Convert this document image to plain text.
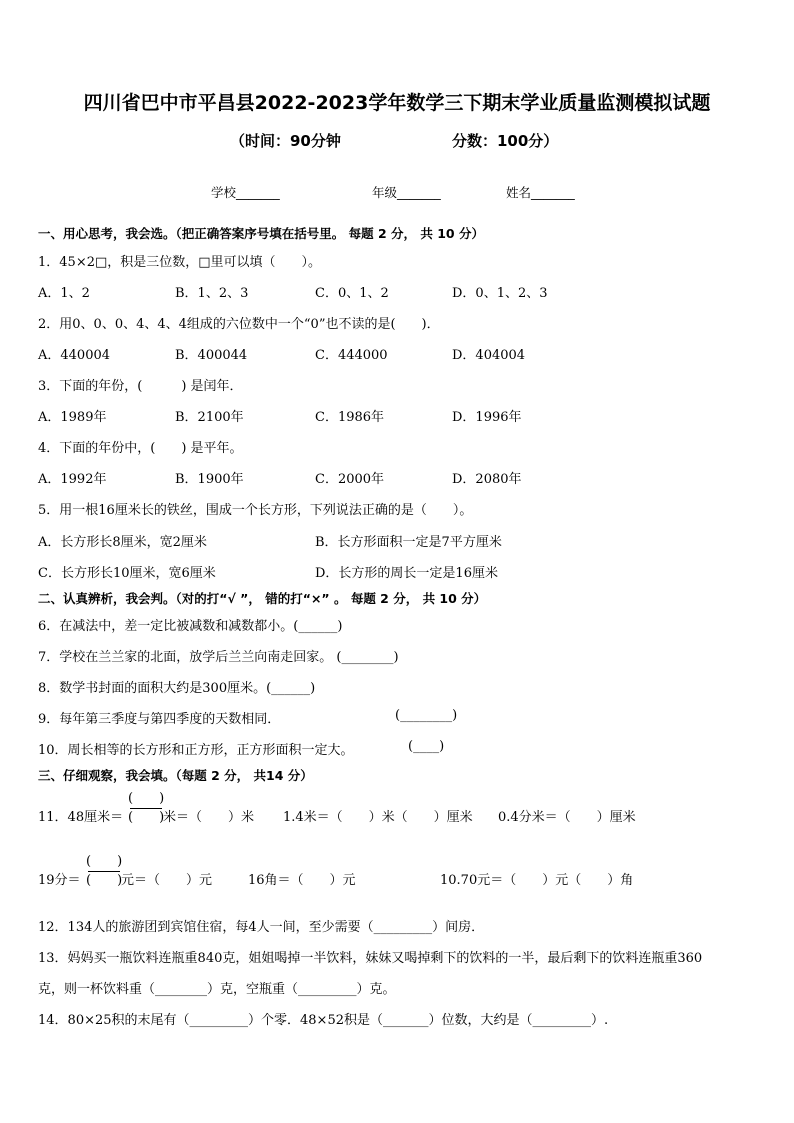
四川省巴中市平昌县2022-2023学年数学三下期末学业质量监测模拟试题
（时间：90分钟	分数：100分）
学校_______	年级_______	姓名_______
一、用心思考，我会选。（把正确答案序号填在括号里。 每题 2 分， 共 10 分）
1．45×2□，积是三位数，□里可以填（　　）。
A．1、2	B．1、2、3	C．0、1、2	D．0、1、2、3
2．用0、0、0、4、4、4组成的六位数中一个“0”也不读的是(　　)．
A．440004	B．400044	C．444000	D．404004
3．下面的年份，(　　　) 是闰年．
A．1989年	B．2100年	C．1986年	D．1996年
4．下面的年份中，(　　) 是平年。
A．1992年	B．1900年	C．2000年	D．2080年
5．用一根16厘米长的铁丝，围成一个长方形，下列说法正确的是（　　）。
A．长方形长8厘米，宽2厘米	B．长方形面积一定是7平方厘米
C．长方形长10厘米，宽6厘米	D．长方形的周长一定是16厘米
二、认真辨析，我会判。（对的打“√ ”， 错的打“×” 。 每题 2 分， 共 10 分）
6．在减法中，差一定比被减数和减数都小。(______)
7．学校在兰兰家的北面，放学后兰兰向南走回家。 (________)
8．数学书封面的面积大约是300厘米。(______)
9．每年第三季度与第四季度的天数相同．	(________)
10．周长相等的长方形和正方形，正方形面积一定大。	(____)
三、仔细观察，我会填。（每题 2 分， 共14 分）
11．48厘米＝
(　　)
(　　)
米＝（　　）米 1.4米＝（　　）米（　　）厘米 0.4分米＝（　　）厘米
19分＝
(　　)
(　　)
元＝（　　）元	16角＝（　　）元	10.70元＝（　　）元（　　）角
12．134人的旅游团到宾馆住宿，每4人一间，至少需要（_________）间房．
13．妈妈买一瓶饮料连瓶重840克，姐姐喝掉一半饮料，妹妹又喝掉剩下的饮料的一半，最后剩下的饮料连瓶重360
克，则一杯饮料重（________）克，空瓶重（_________）克。
14．80×25积的末尾有（_________）个零．48×52积是（_______）位数，大约是（_________）.
